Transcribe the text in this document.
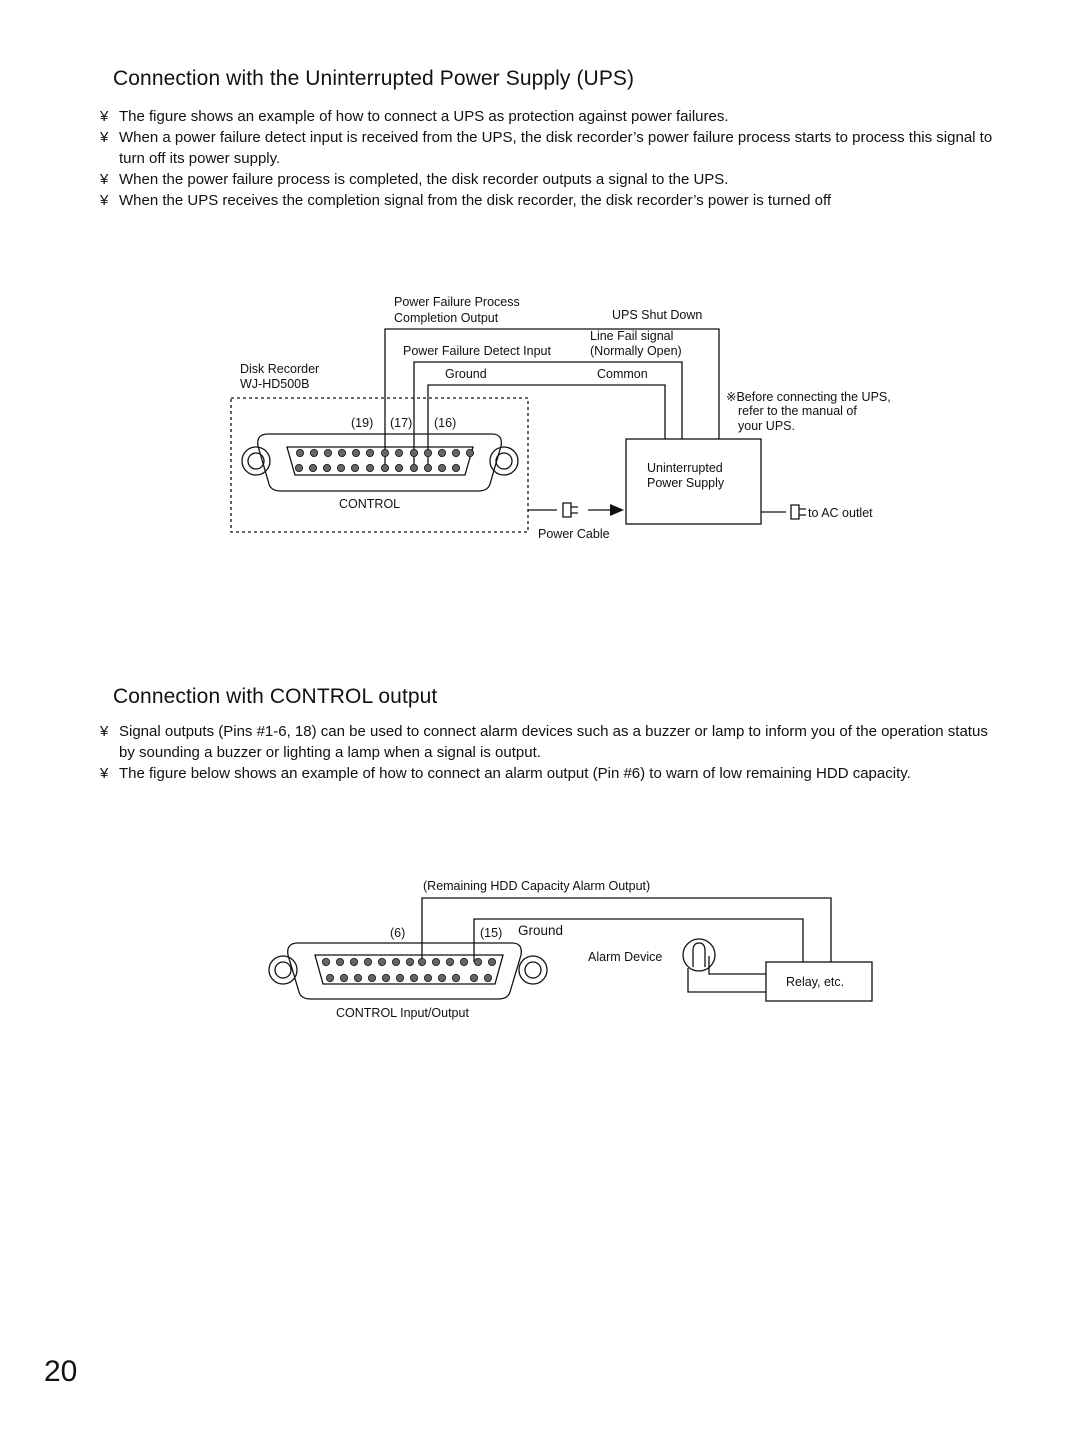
Connection with the Uninterrupted Power Supply (UPS)
¥ The figure shows an example of how to connect a UPS as protection against power failures.
¥ When a power failure detect input is received from the UPS, the disk recorder’s power failure process starts to process this signal to turn off its power supply.
¥ When the power failure process is completed, the disk recorder outputs a signal to the UPS.
¥ When the UPS receives the completion signal from the disk recorder, the disk recorder’s power is turned off
Power Failure Process
Completion Output	UPS Shut Down
Line Fail signal
(Normally Open)
Power Failure Detect Input
Disk Recorder
WJ-HD500B
Ground	Common
※Before connecting the UPS,
refer to the manual of
your UPS.
(19) (17) (16)
Uninterrupted
Power Supply
CONTROL
to AC outlet
Power Cable
Connection with CONTROL output
¥ Signal outputs (Pins #1-6, 18) can be used to connect alarm devices such as a buzzer or lamp to inform you of the operation status by sounding a buzzer or lighting a lamp when a signal is output.
¥ The figure below shows an example of how to connect an alarm output (Pin #6) to warn of low remaining HDD capacity.
(Remaining HDD Capacity Alarm Output)
(6)	(15) Ground
Alarm Device
Relay, etc.
CONTROL Input/Output
20
